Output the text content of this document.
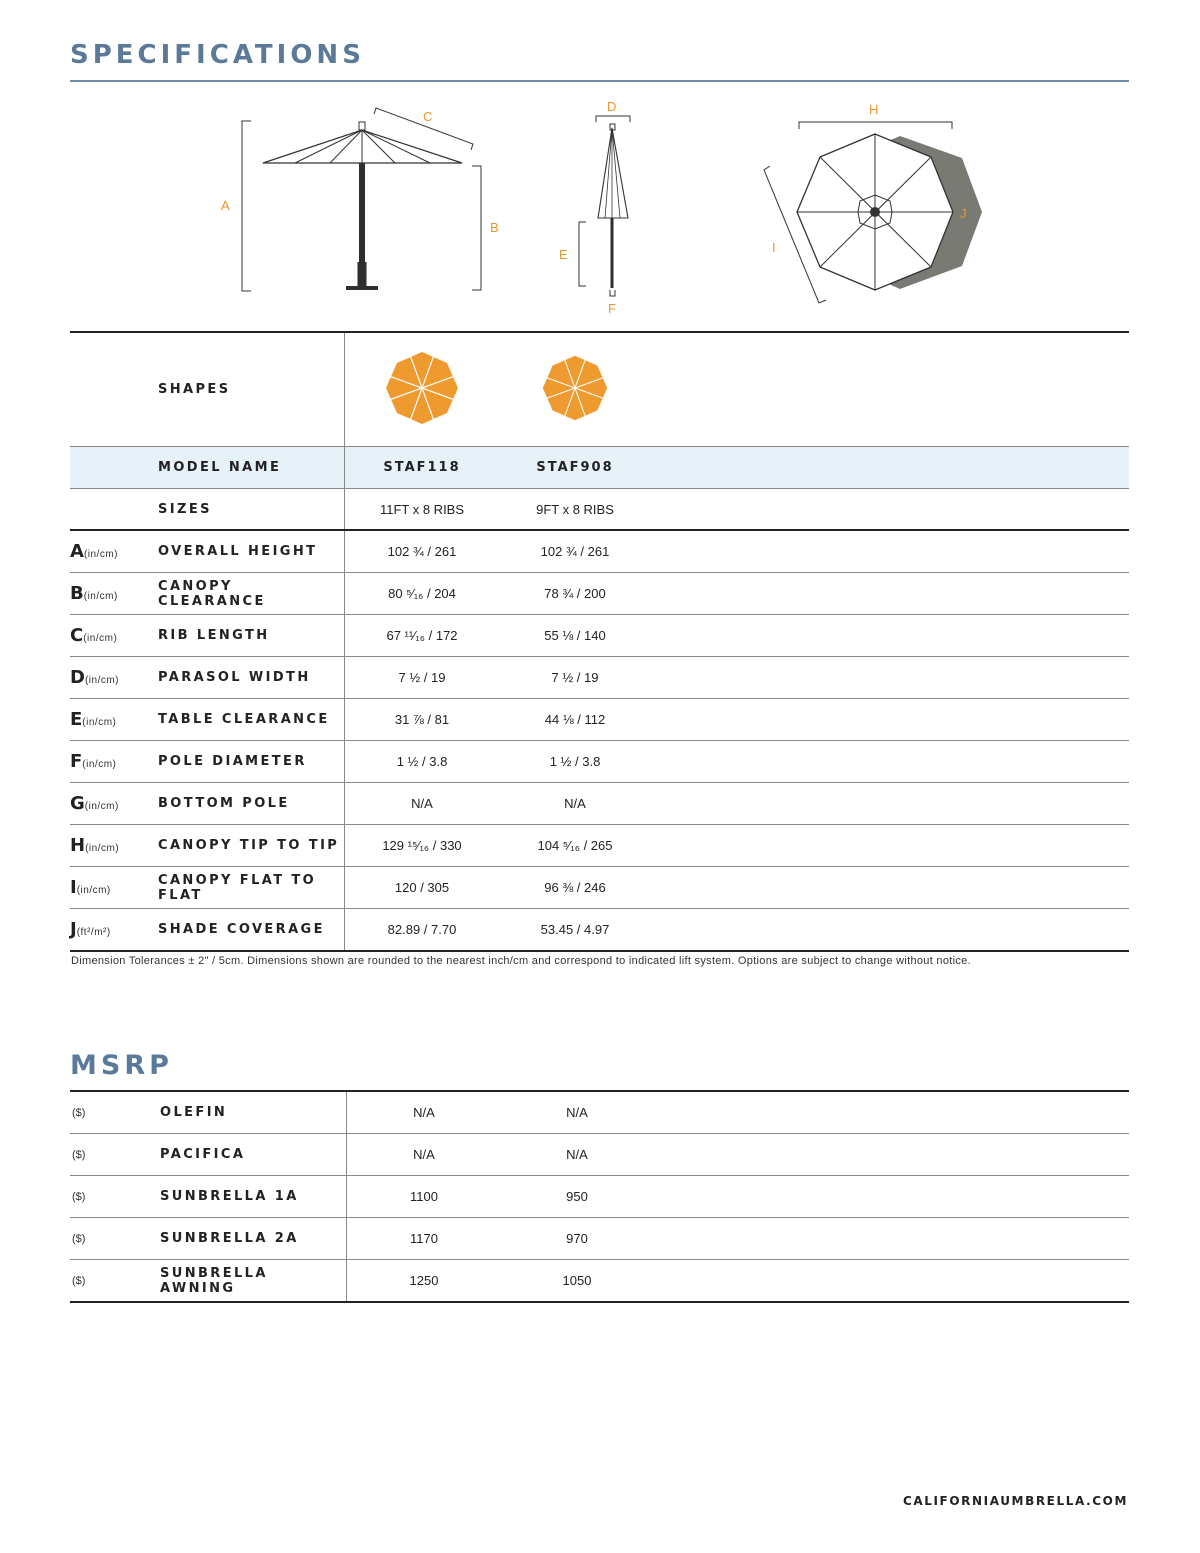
SPECIFICATIONS
A
B
C
D
F
E
H
I
J
	SHAPES			
	MODEL NAME	STAF118	STAF908	
	SIZES	11FT x 8 RIBS	9FT x 8 RIBS	
A(in/cm)	OVERALL HEIGHT	102 ¾ / 261	102 ¾ / 261	
B(in/cm)	CANOPY CLEARANCE	80 ⁵⁄₁₆ / 204	78 ¾ / 200	
C(in/cm)	RIB LENGTH	67 ¹¹⁄₁₆ / 172	55 ⅛ / 140	
D(in/cm)	PARASOL WIDTH	7 ½ / 19	7 ½ / 19	
E(in/cm)	TABLE CLEARANCE	31 ⅞ / 81	44 ⅛ / 112	
F(in/cm)	POLE DIAMETER	1 ½ / 3.8	1 ½ / 3.8	
G(in/cm)	BOTTOM POLE	N/A	N/A	
H(in/cm)	CANOPY TIP TO TIP	129 ¹⁵⁄₁₆ / 330	104 ⁵⁄₁₆ / 265	
I(in/cm)	CANOPY FLAT TO FLAT	120 / 305	96 ⅜ / 246	
J(ft²/m²)	SHADE COVERAGE	82.89 / 7.70	53.45 / 4.97	
Dimension Tolerances ± 2" / 5cm. Dimensions shown are rounded to the nearest inch/cm and correspond to indicated lift system. Options are subject to change without notice.
MSRP
($)	OLEFIN	N/A	N/A	
($)	PACIFICA	N/A	N/A	
($)	SUNBRELLA 1A	1100	950	
($)	SUNBRELLA 2A	1170	970	
($)	SUNBRELLA AWNING	1250	1050	
CALIFORNIAUMBRELLA.COM
